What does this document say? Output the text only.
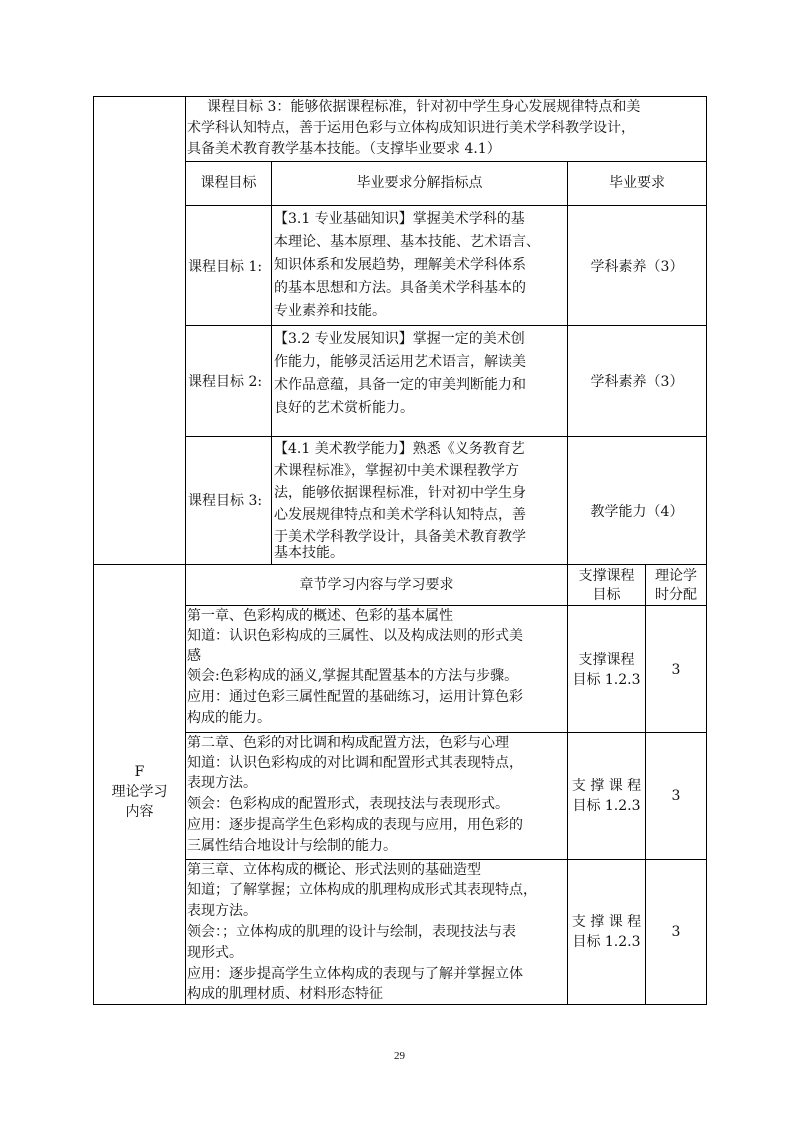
课程目标 3：能够依据课程标准，针对初中学生身心发展规律特点和美
术学科认知特点，善于运用色彩与立体构成知识进行美术学科教学设计，
具备美术教育教学基本技能。（支撑毕业要求 4.1）
课程目标	毕业要求分解指标点	毕业要求
课程目标 1:
【3.1 专业基础知识】掌握美术学科的基
本理论、基本原理、基本技能、艺术语言、
知识体系和发展趋势，理解美术学科体系
的基本思想和方法。具备美术学科基本的
专业素养和技能。
学科素养（3）
课程目标 2:
【3.2 专业发展知识】掌握一定的美术创
作能力，能够灵活运用艺术语言，解读美
术作品意蕴，具备一定的审美判断能力和
良好的艺术赏析能力。
学科素养（3）
课程目标 3:
【4.1 美术教学能力】熟悉《义务教育艺
术课程标准》，掌握初中美术课程教学方
法，能够依据课程标准，针对初中学生身
心发展规律特点和美术学科认知特点，善
于美术学科教学设计，具备美术教育教学
基本技能。
教学能力（4）
F
理论学习
内容
章节学习内容与学习要求
支撑课程
目标
理论学
时分配
第一章、色彩构成的概述、色彩的基本属性
知道：认识色彩构成的三属性、以及构成法则的形式美
感
领会:色彩构成的涵义,掌握其配置基本的方法与步骤。
应用：通过色彩三属性配置的基础练习，运用计算色彩
构成的能力。
支撑课程
目标 1.2.3
3
第二章、色彩的对比调和构成配置方法，色彩与心理
知道：认识色彩构成的对比调和配置形式其表现特点，
表现方法。
领会：色彩构成的配置形式，表现技法与表现形式。
应用：逐步提高学生色彩构成的表现与应用，用色彩的
三属性结合地设计与绘制的能力。
支 撑 课 程
目标 1.2.3
3
第三章、立体构成的概论、形式法则的基础造型
知道；了解掌握；立体构成的肌理构成形式其表现特点，
表现方法。
领会：；立体构成的肌理的设计与绘制，表现技法与表
现形式。
应用：逐步提高学生立体构成的表现与了解并掌握立体
构成的肌理材质、材料形态特征
支 撑 课 程
目标 1.2.3
3
29
